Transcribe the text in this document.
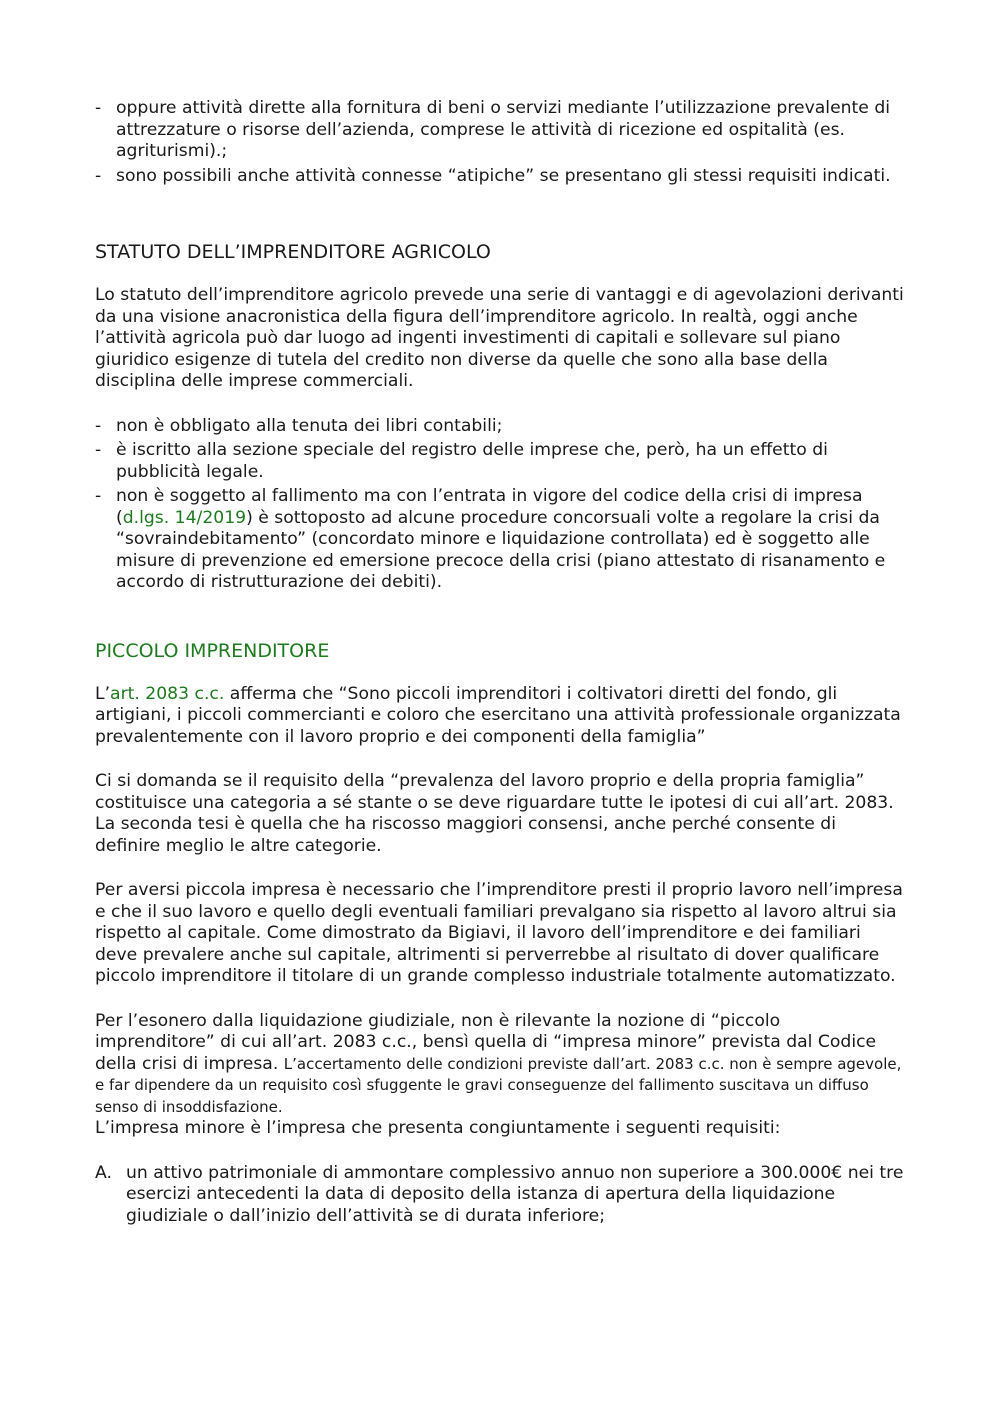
- oppure attività dirette alla fornitura di beni o servizi mediante l’utilizzazione prevalente di attrezzature o risorse dell’azienda, comprese le attività di ricezione ed ospitalità (es. agriturismi).;
- sono possibili anche attività connesse “atipiche” se presentano gli stessi requisiti indicati.
STATUTO DELL’IMPRENDITORE AGRICOLO

Lo statuto dell’imprenditore agricolo prevede una serie di vantaggi e di agevolazioni derivanti da una visione anacronistica della figura dell’imprenditore agricolo. In realtà, oggi anche l’attività agricola può dar luogo ad ingenti investimenti di capitali e sollevare sul piano giuridico esigenze di tutela del credito non diverse da quelle che sono alla base della disciplina delle imprese commerciali.

- non è obbligato alla tenuta dei libri contabili;
- è iscritto alla sezione speciale del registro delle imprese che, però, ha un effetto di pubblicità legale.
- non è soggetto al fallimento ma con l’entrata in vigore del codice della crisi di impresa (d.lgs. 14/2019) è sottoposto ad alcune procedure concorsuali volte a regolare la crisi da “sovraindebitamento” (concordato minore e liquidazione controllata) ed è soggetto alle misure di prevenzione ed emersione precoce della crisi (piano attestato di risanamento e accordo di ristrutturazione dei debiti).
PICCOLO IMPRENDITORE

L’art. 2083 c.c. afferma che “Sono piccoli imprenditori i coltivatori diretti del fondo, gli artigiani, i piccoli commercianti e coloro che esercitano una attività professionale organizzata prevalentemente con il lavoro proprio e dei componenti della famiglia”

Ci si domanda se il requisito della “prevalenza del lavoro proprio e della propria famiglia” costituisce una categoria a sé stante o se deve riguardare tutte le ipotesi di cui all’art. 2083.

La seconda tesi è quella che ha riscosso maggiori consensi, anche perché consente di definire meglio le altre categorie.

Per aversi piccola impresa è necessario che l’imprenditore presti il proprio lavoro nell’impresa e che il suo lavoro e quello degli eventuali familiari prevalgano sia rispetto al lavoro altrui sia rispetto al capitale. Come dimostrato da Bigiavi, il lavoro dell’imprenditore e dei familiari deve prevalere anche sul capitale, altrimenti si perverrebbe al risultato di dover qualificare piccolo imprenditore il titolare di un grande complesso industriale totalmente automatizzato.

Per l’esonero dalla liquidazione giudiziale, non è rilevante la nozione di “piccolo imprenditore” di cui all’art. 2083 c.c., bensì quella di “impresa minore” prevista dal Codice della crisi di impresa. L’accertamento delle condizioni previste dall’art. 2083 c.c. non è sempre agevole, e far dipendere da un requisito così sfuggente le gravi conseguenze del fallimento suscitava un diffuso senso di insoddisfazione.

L’impresa minore è l’impresa che presenta congiuntamente i seguenti requisiti:

A. un attivo patrimoniale di ammontare complessivo annuo non superiore a 300.000€ nei tre esercizi antecedenti la data di deposito della istanza di apertura della liquidazione giudiziale o dall’inizio dell’attività se di durata inferiore;
